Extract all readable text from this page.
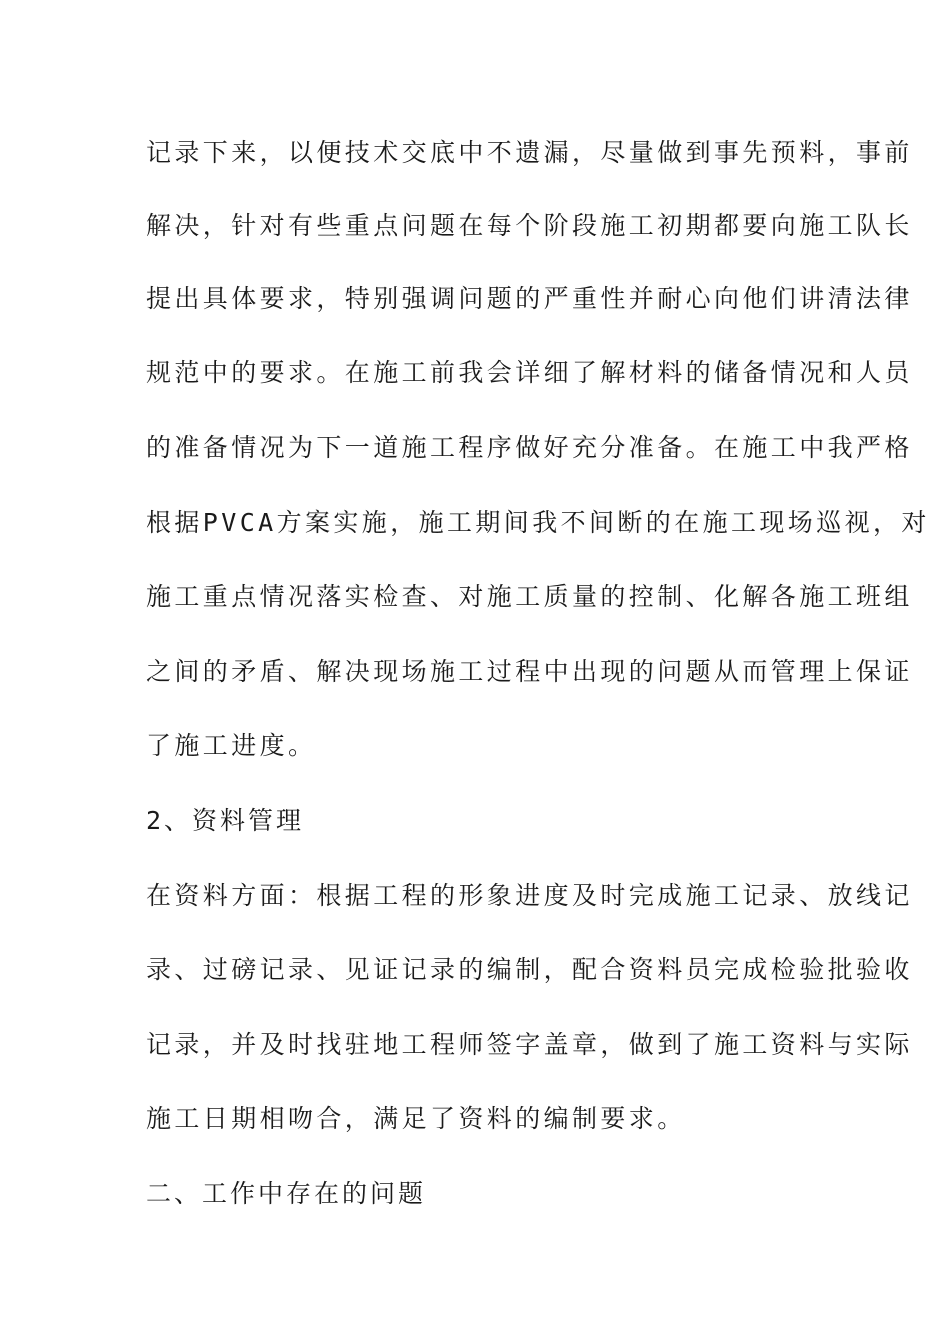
记录下来，以便技术交底中不遗漏，尽量做到事先预料，事前

解决，针对有些重点问题在每个阶段施工初期都要向施工队长

提出具体要求，特别强调问题的严重性并耐心向他们讲清法律

规范中的要求。在施工前我会详细了解材料的储备情况和人员

的准备情况为下一道施工程序做好充分准备。在施工中我严格

根据PVCA方案实施，施工期间我不间断的在施工现场巡视，对

施工重点情况落实检查、对施工质量的控制、化解各施工班组

之间的矛盾、解决现场施工过程中出现的问题从而管理上保证

了施工进度。

2、资料管理

在资料方面：根据工程的形象进度及时完成施工记录、放线记

录、过磅记录、见证记录的编制，配合资料员完成检验批验收

记录，并及时找驻地工程师签字盖章，做到了施工资料与实际

施工日期相吻合，满足了资料的编制要求。

二、工作中存在的问题
